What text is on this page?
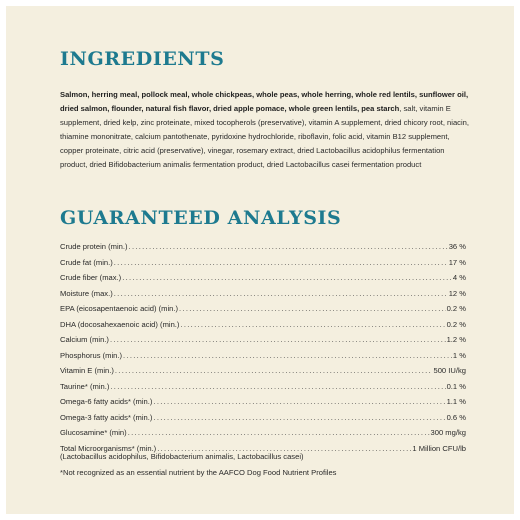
INGREDIENTS

Salmon, herring meal, pollock meal, whole chickpeas, whole peas, whole herring, whole red lentils, sunflower oil, dried salmon, flounder, natural fish flavor, dried apple pomace, whole green lentils, pea starch, salt, vitamin E supplement, dried kelp, zinc proteinate, mixed tocopherols (preservative), vitamin A supplement, dried chicory root, niacin, thiamine mononitrate, calcium pantothenate, pyridoxine hydrochloride, riboflavin, folic acid, vitamin B12 supplement, copper proteinate, citric acid (preservative), vinegar, rosemary extract, dried Lactobacillus acidophilus fermentation product, dried Bifidobacterium animalis fermentation product, dried Lactobacillus casei fermentation product

GUARANTEED ANALYSIS
Crude protein (min.) .....	36 %
Crude fat (min.) .....	17 %
Crude fiber (max.) .....	4 %
Moisture (max.) .....	12 %
EPA (eicosapentaenoic acid) (min.) .....	0.2 %
DHA (docosahexaenoic acid) (min.) .....	0.2 %
Calcium (min.) .....	1.2 %
Phosphorus (min.) .....	1 %
Vitamin E (min.) .....	500 IU/kg
Taurine* (min.) .....	0.1 %
Omega-6 fatty acids* (min.) .....	1.1 %
Omega-3 fatty acids* (min.) .....	0.6 %
Glucosamine* (min) .....	300 mg/kg
Total Microorganisms* (min.) .....	1 Million CFU/lb

(Lactobacillus acidophilus, Bifidobacterium animalis, Lactobacillus casei)

*Not recognized as an essential nutrient by the AAFCO Dog Food Nutrient Profiles
